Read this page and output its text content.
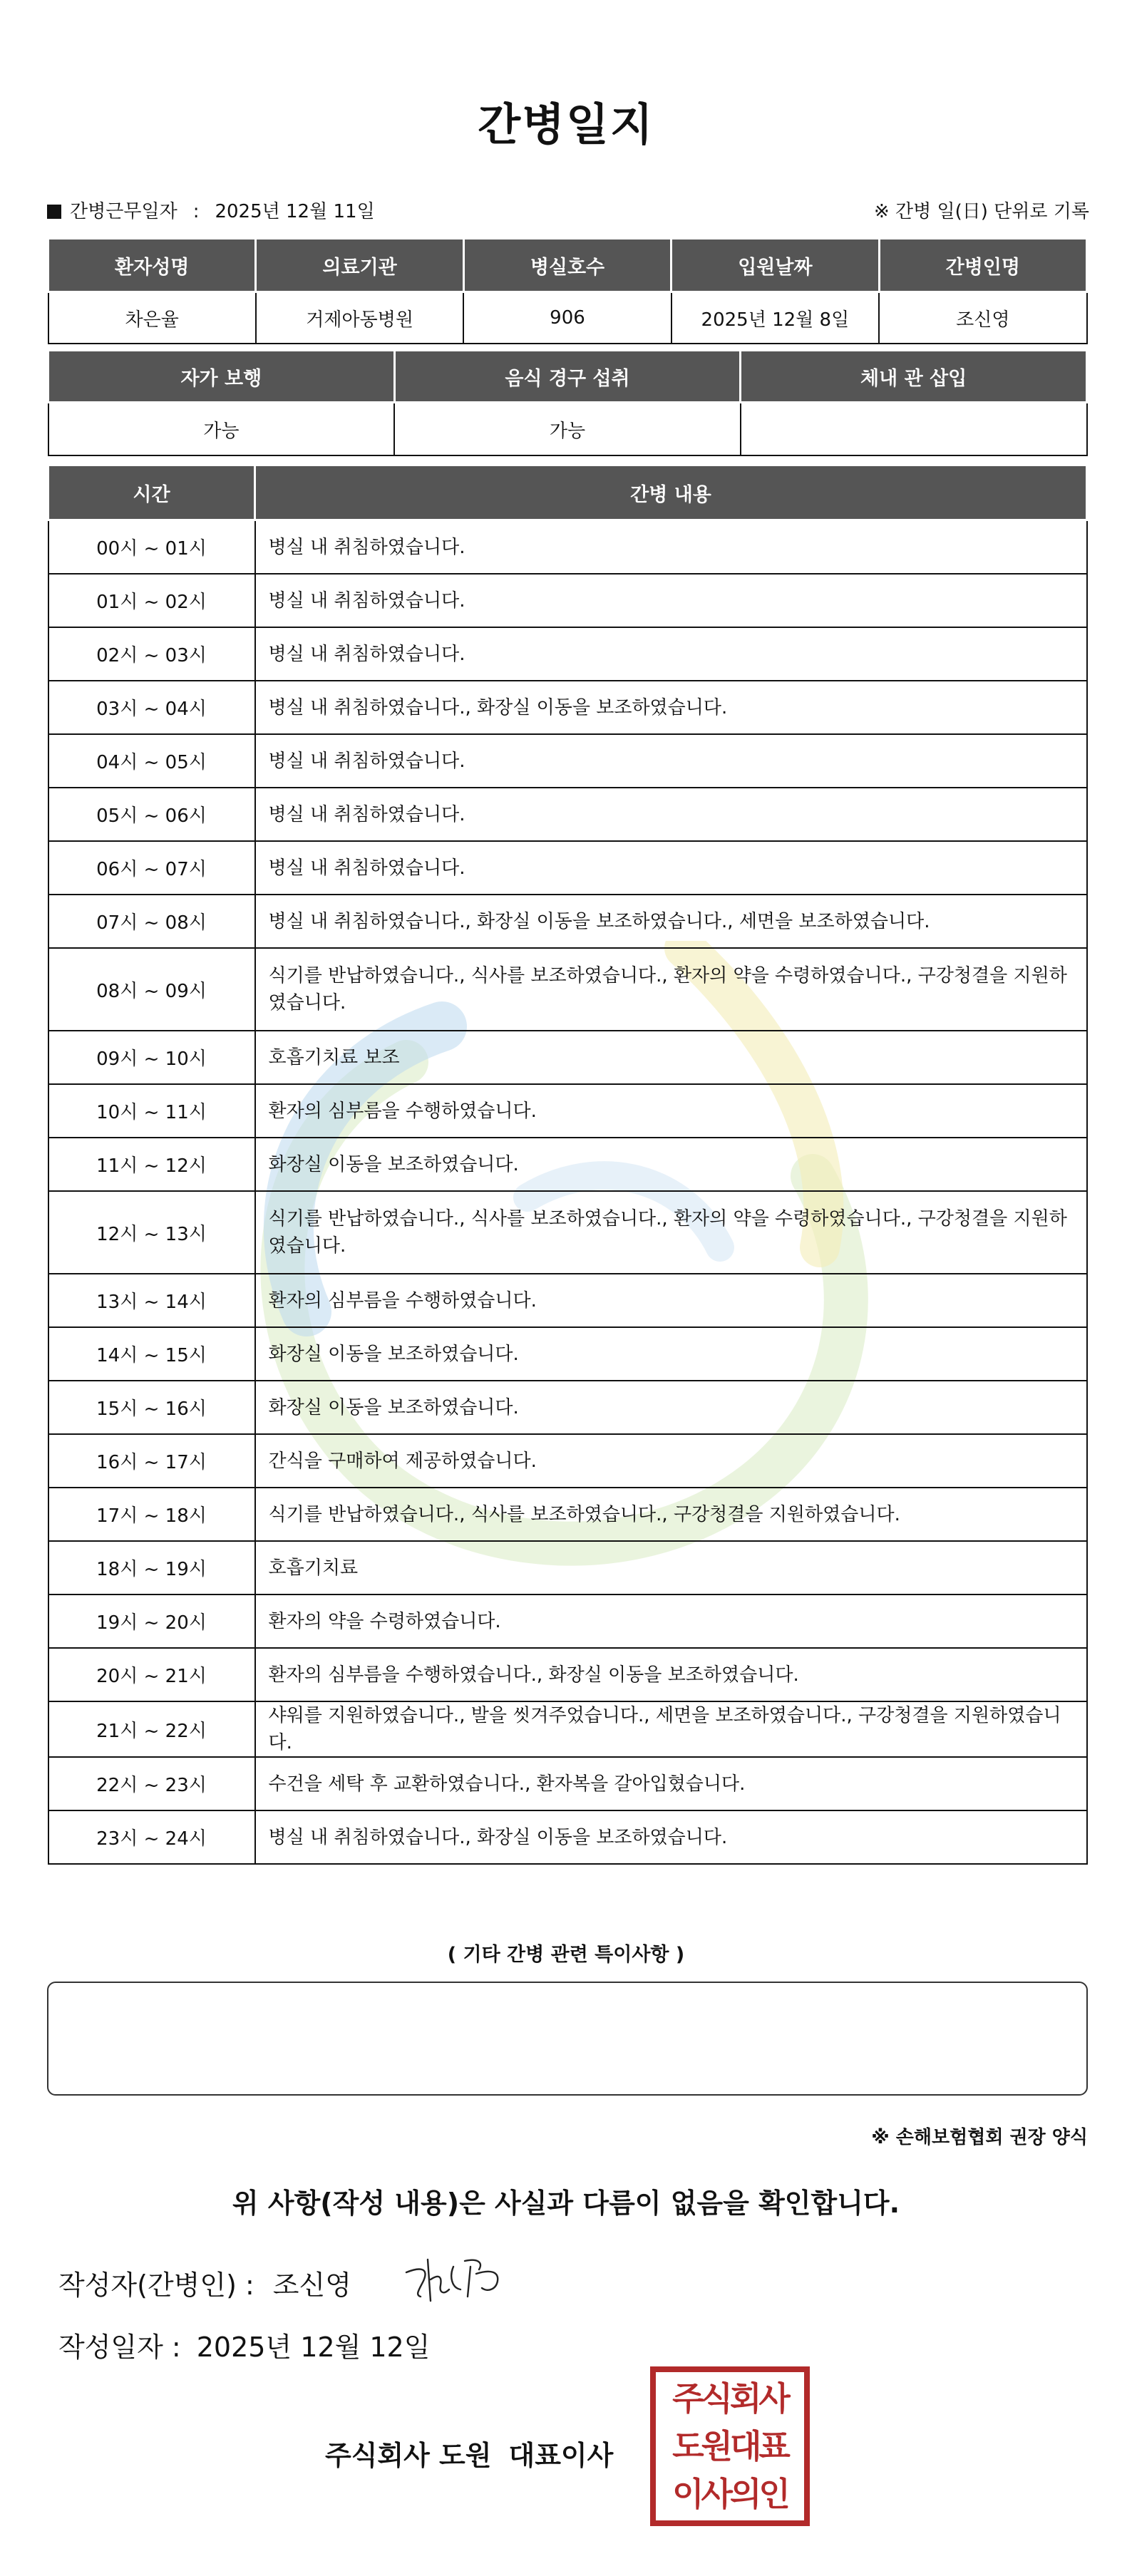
간병일지
간병근무일자 : 2025년 12월 11일	※ 간병 일(日) 단위로 기록
환자성명	의료기관	병실호수	입원날짜	간병인명
차은율	거제아동병원	906	2025년 12월 8일	조신영
자가 보행	음식 경구 섭취	체내 관 삽입
가능	가능	
시간	간병 내용
00시 ~ 01시	병실 내 취침하였습니다.
01시 ~ 02시	병실 내 취침하였습니다.
02시 ~ 03시	병실 내 취침하였습니다.
03시 ~ 04시	병실 내 취침하였습니다., 화장실 이동을 보조하였습니다.
04시 ~ 05시	병실 내 취침하였습니다.
05시 ~ 06시	병실 내 취침하였습니다.
06시 ~ 07시	병실 내 취침하였습니다.
07시 ~ 08시	병실 내 취침하였습니다., 화장실 이동을 보조하였습니다., 세면을 보조하였습니다.
08시 ~ 09시	식기를 반납하였습니다., 식사를 보조하였습니다., 환자의 약을 수령하였습니다., 구강청결을 지원하였습니다.
09시 ~ 10시	호흡기치료 보조
10시 ~ 11시	환자의 심부름을 수행하였습니다.
11시 ~ 12시	화장실 이동을 보조하였습니다.
12시 ~ 13시	식기를 반납하였습니다., 식사를 보조하였습니다., 환자의 약을 수령하였습니다., 구강청결을 지원하였습니다.
13시 ~ 14시	환자의 심부름을 수행하였습니다.
14시 ~ 15시	화장실 이동을 보조하였습니다.
15시 ~ 16시	화장실 이동을 보조하였습니다.
16시 ~ 17시	간식을 구매하여 제공하였습니다.
17시 ~ 18시	식기를 반납하였습니다., 식사를 보조하였습니다., 구강청결을 지원하였습니다.
18시 ~ 19시	호흡기치료
19시 ~ 20시	환자의 약을 수령하였습니다.
20시 ~ 21시	환자의 심부름을 수행하였습니다., 화장실 이동을 보조하였습니다.
21시 ~ 22시	샤워를 지원하였습니다., 발을 씻겨주었습니다., 세면을 보조하였습니다., 구강청결을 지원하였습니다.
22시 ~ 23시	수건을 세탁 후 교환하였습니다., 환자복을 갈아입혔습니다.
23시 ~ 24시	병실 내 취침하였습니다., 화장실 이동을 보조하였습니다.
( 기타 간병 관련 특이사항 )
※ 손해보험협회 권장 양식
위 사항(작성 내용)은 사실과 다름이 없음을 확인합니다.
작성자(간병인) : 조신영
작성일자 : 2025년 12월 12일
주식회사 도원 대표이사
주식회사
도원대표
이사의인
